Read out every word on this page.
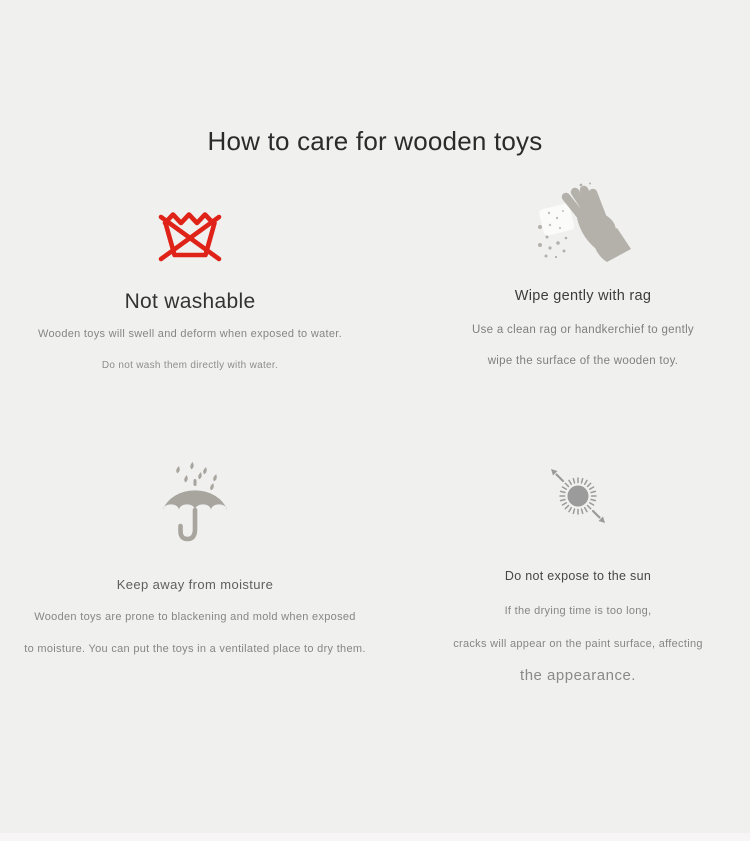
How to care for wooden toys
Not washable

Wooden toys will swell and deform when exposed to water.

Do not wash them directly with water.

Wipe gently with rag

Use a clean rag or handkerchief to gently

wipe the surface of the wooden toy.

Keep away from moisture

Wooden toys are prone to blackening and mold when exposed

to moisture. You can put the toys in a ventilated place to dry them.

Do not expose to the sun

If the drying time is too long,

cracks will appear on the paint surface, affecting

the appearance.
